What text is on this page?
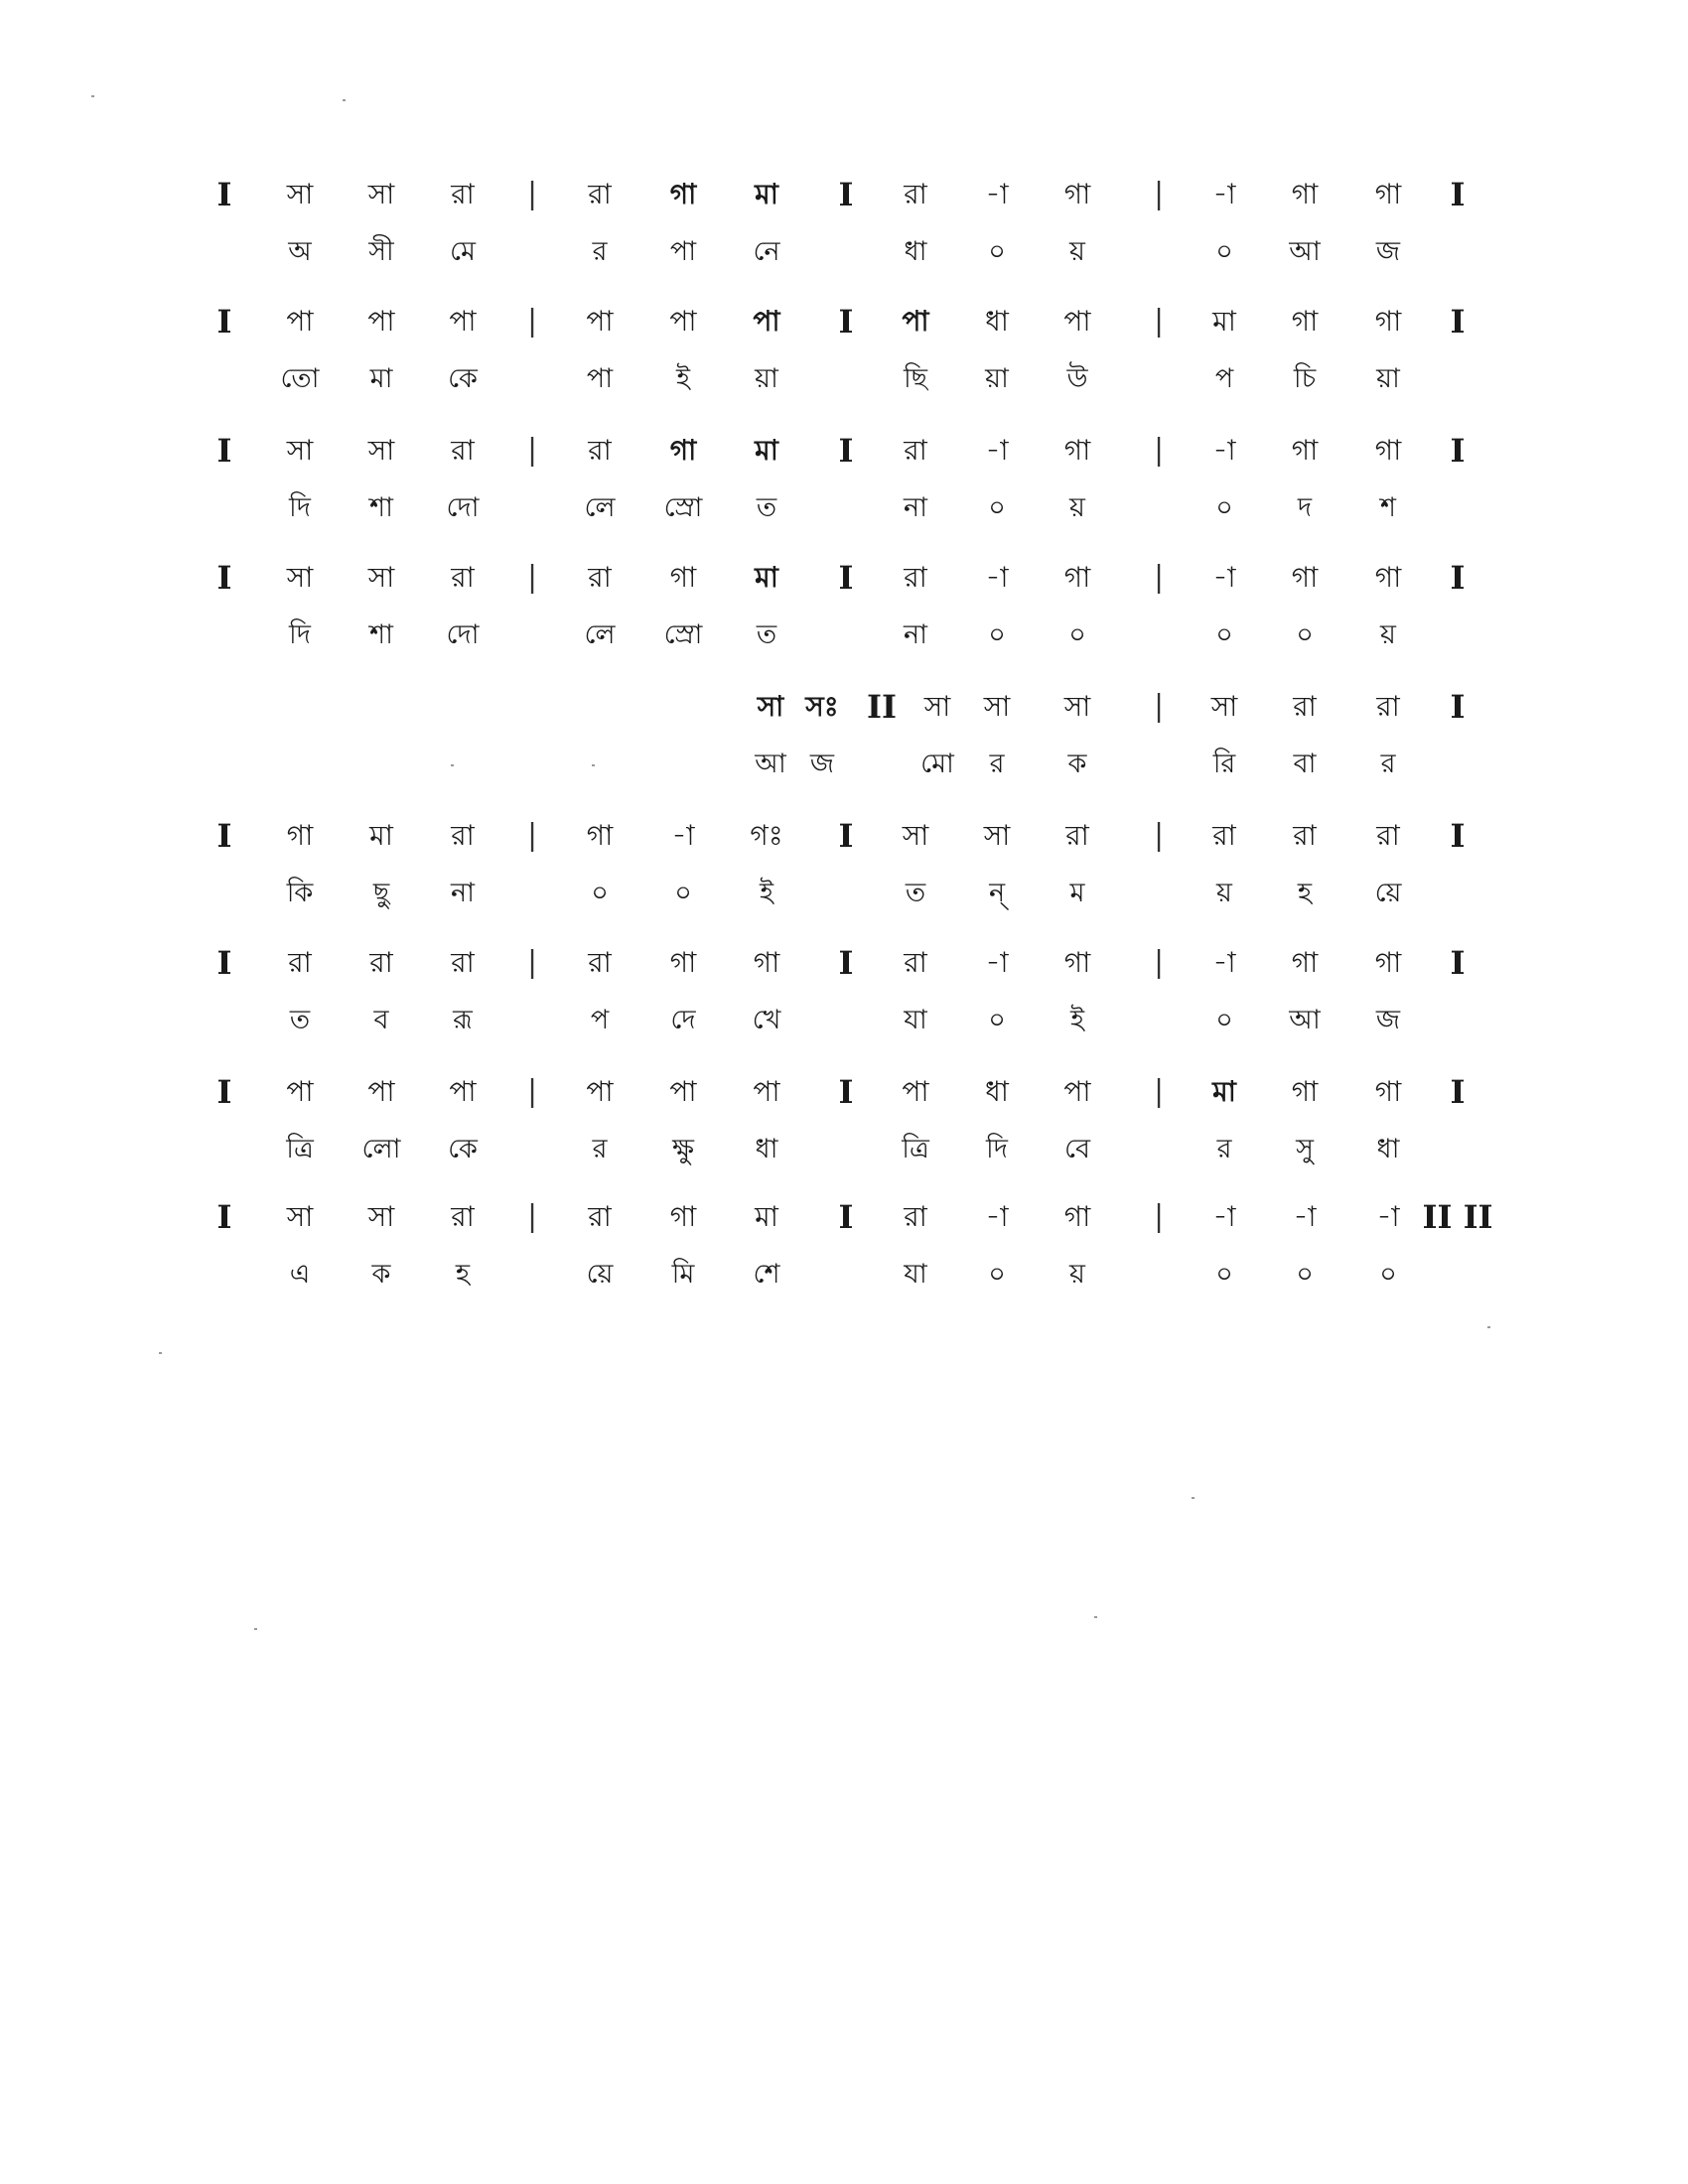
I	সা	সা	রা	|	রা	গা	মা	I	রা	-া	গা	|	-া	গা	গা	I
অ	সী	মে	র	পা	নে	ধা	০	য়	০	আ	জ
I	পা	পা	পা	|	পা	পা	পা	I	পা	ধা	পা	|	মা	গা	গা	I
তো	মা	কে	পা	ই	য়া	ছি	য়া	উ	প	চি	য়া
I	সা	সা	রা	|	রা	গা	মা	I	রা	-া	গা	|	-া	গা	গা	I
দি	শা	দো	লে	স্রো	ত	না	০	য়	০	দ	শ
I	সা	সা	রা	|	রা	গা	মা	I	রা	-া	গা	|	-া	গা	গা	I
দি	শা	দো	লে	স্রো	ত	না	০	০	০	০	য়
সা সঃ II সা	সা	সা	|	সা	রা	রা	I
আ জ	মো	র	ক	রি	বা	র
I	গা	মা	রা	|	গা	-া	গঃ	I	সা	সা	রা	|	রা	রা	রা	I
কি	ছু	না	০	০	ই	ত	ন্	ম	য়	হ	য়ে
I	রা	রা	রা	|	রা	গা	গা	I	রা	-া	গা	|	-া	গা	গা	I
ত	ব	রূ	প	দে	খে	যা	০	ই	০	আ	জ
I	পা	পা	পা	|	পা	পা	পা	I	পা	ধা	পা	|	মা	গা	গা	I
ত্রি	লো	কে	র	ক্ষু	ধা	ত্রি	দি	বে	র	সু	ধা
I	সা	সা	রা	|	রা	গা	মা	I	রা	-া	গা	|	-া	-া	-া II II
এ	ক	হ	য়ে	মি	শে	যা	০	য়	০	০	০
